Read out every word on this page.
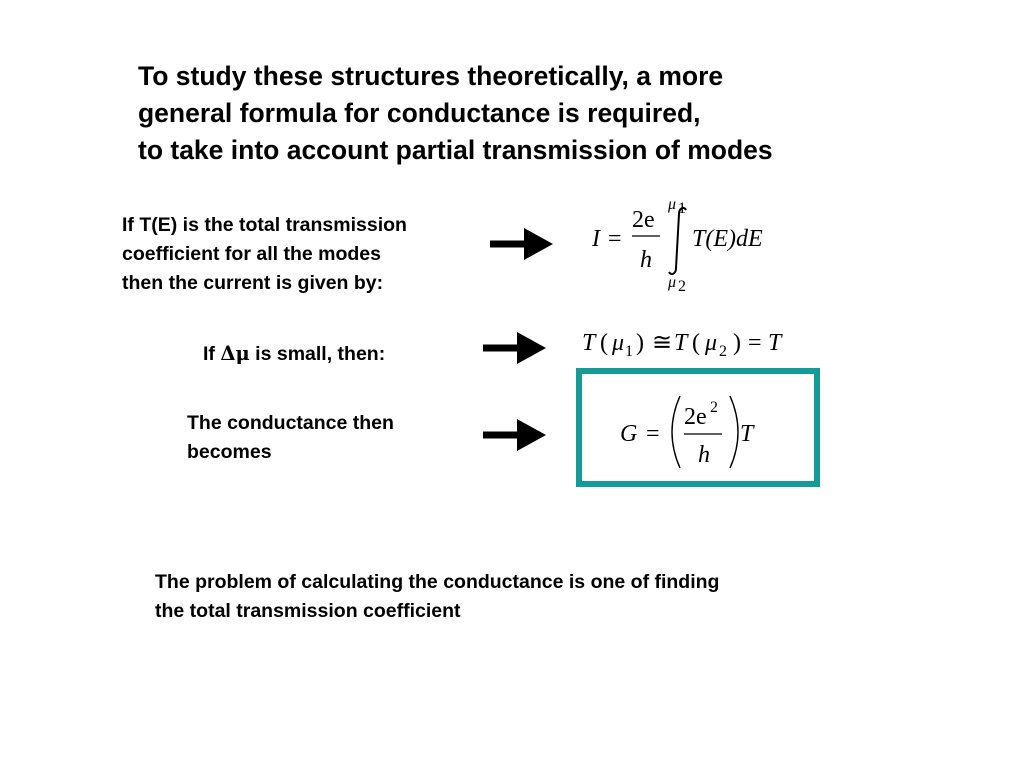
To study these structures theoretically, a more
general formula for conductance is required,
to take into account partial transmission of modes
If T(E) is the total transmission
coefficient for all the modes
then the current is given by:
I =
2e
h
μ 1
μ 2
T(E)dE
If Δμ is small, then:	T ( μ 1 ) ≅ T ( μ 2 ) = T
The conductance then
becomes
G =
2e 2
h
T
The problem of calculating the conductance is one of finding
the total transmission coefficient
